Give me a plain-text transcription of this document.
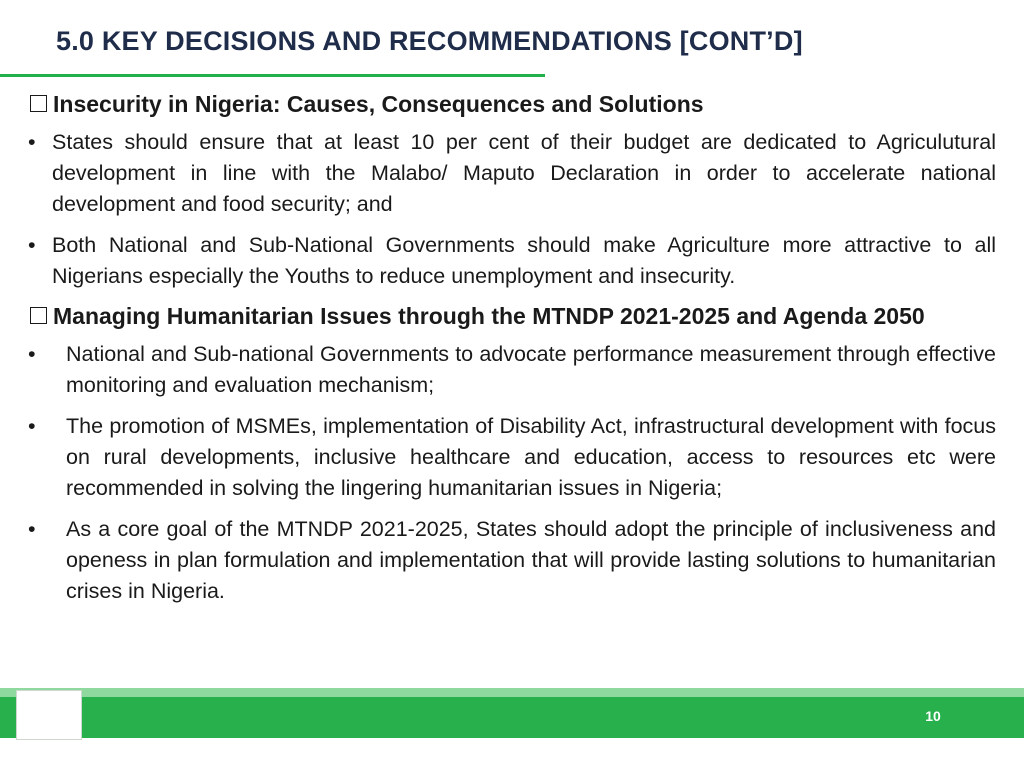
5.0 KEY DECISIONS AND RECOMMENDATIONS [CONT’D]
Insecurity in Nigeria: Causes, Consequences and Solutions
• States should ensure that at least 10 per cent of their budget are dedicated to Agriculutural development in line with the Malabo/ Maputo Declaration in order to accelerate national development and food security; and
• Both National and Sub-National Governments should make Agriculture more attractive to all Nigerians especially the Youths to reduce unemployment and insecurity.
Managing Humanitarian Issues through the MTNDP 2021-2025 and Agenda 2050
•	National and Sub-national Governments to advocate performance measurement through effective monitoring and evaluation mechanism;
•	The promotion of MSMEs, implementation of Disability Act, infrastructural development with focus on rural developments, inclusive healthcare and education, access to resources etc were recommended in solving the lingering humanitarian issues in Nigeria;
•	As a core goal of the MTNDP 2021-2025, States should adopt the principle of inclusiveness and openess in plan formulation and implementation that will provide lasting solutions to humanitarian crises in Nigeria.
10
